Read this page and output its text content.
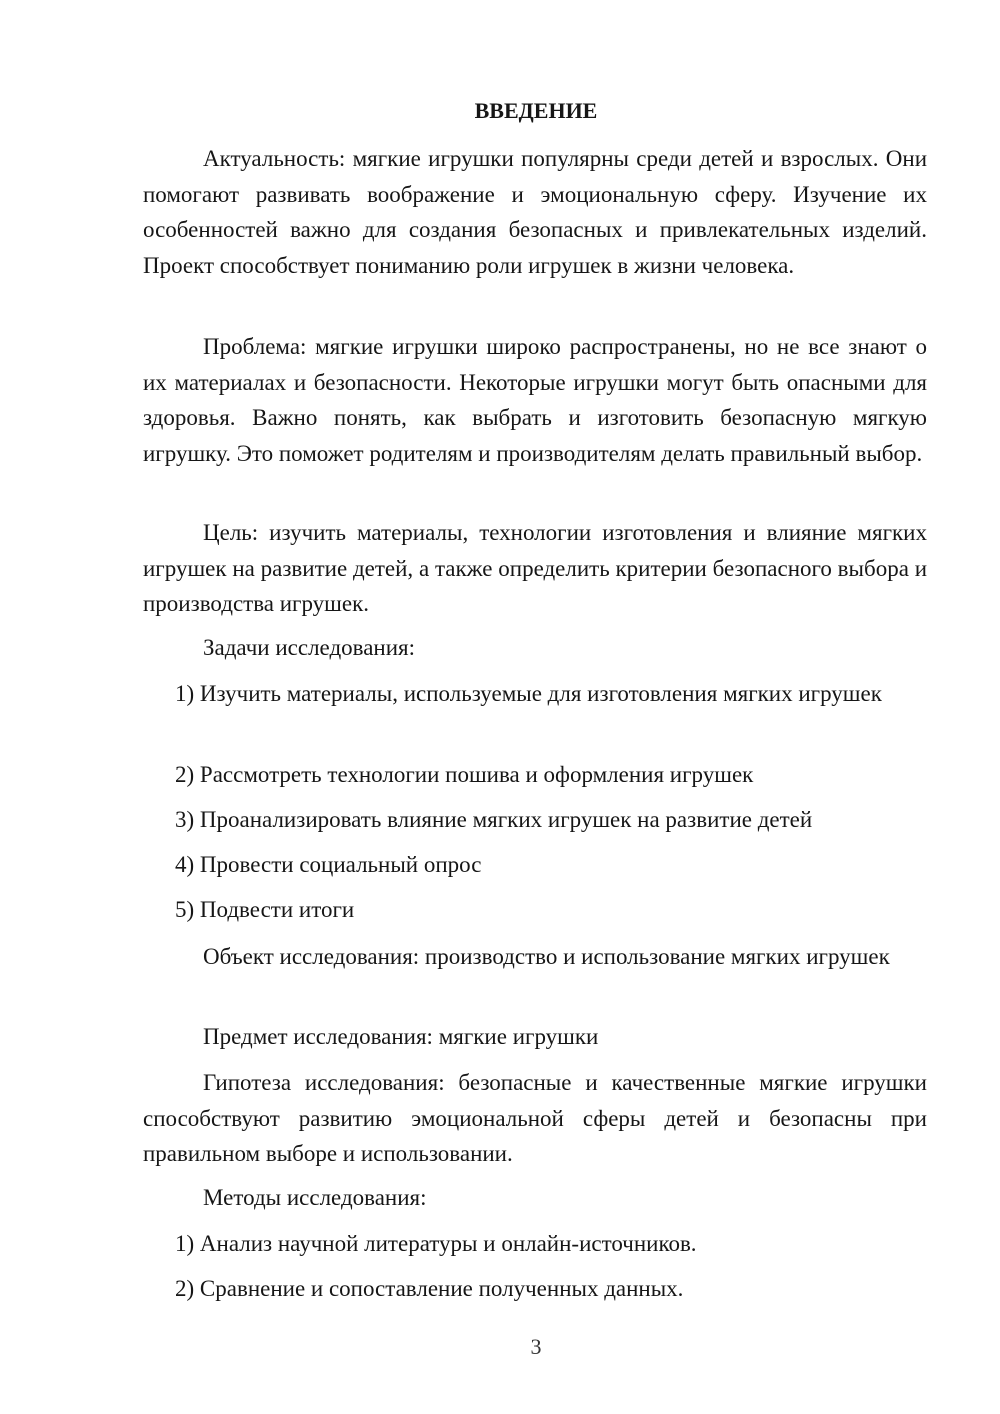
ВВЕДЕНИЕ

Актуальность: мягкие игрушки популярны среди детей и взрослых. Они помогают развивать воображение и эмоциональную сферу. Изучение их особенностей важно для создания безопасных и привлекательных изделий. Проект способствует пониманию роли игрушек в жизни человека.

Проблема: мягкие игрушки широко распространены, но не все знают о их материалах и безопасности. Некоторые игрушки могут быть опасными для здоровья. Важно понять, как выбрать и изготовить безопасную мягкую игрушку. Это поможет родителям и производителям делать правильный выбор.

Цель: изучить материалы, технологии изготовления и влияние мягких игрушек на развитие детей, а также определить критерии безопасного выбора и производства игрушек.

Задачи исследования:

1) Изучить материалы, используемые для изготовления мягких игрушек

2) Рассмотреть технологии пошива и оформления игрушек

3) Проанализировать влияние мягких игрушек на развитие детей

4) Провести социальный опрос

5) Подвести итоги

Объект исследования: производство и использование мягких игрушек

Предмет исследования: мягкие игрушки

Гипотеза исследования: безопасные и качественные мягкие игрушки способствуют развитию эмоциональной сферы детей и безопасны при правильном выборе и использовании.

Методы исследования:

1) Анализ научной литературы и онлайн-источников.

2) Сравнение и сопоставление полученных данных.

3
